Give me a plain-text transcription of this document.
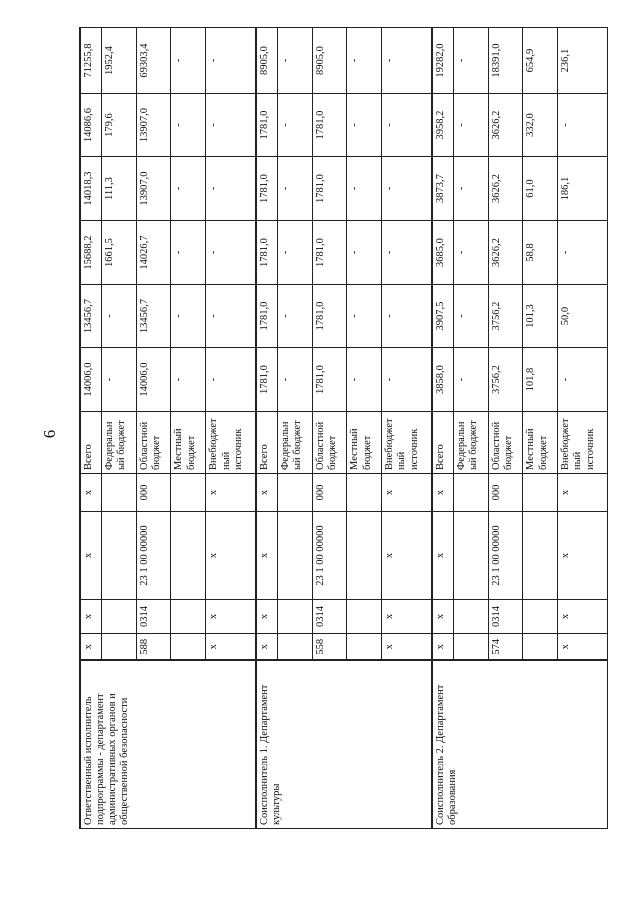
6
Ответственный исполнитель подпрограммы - департамент административных органов и общественной безопасности	х	х	х	х	Всего	14006,0	13456,7	15688,2	14018,3	14086,6	71255,8
					Федеральный бюджет	-	-	1661,5	111,3	179,6	1952,4
	588	0314	23 1 00 00000	000	Областной бюджет	14006,0	13456,7	14026,7	13907,0	13907,0	69303,4
					Местный бюджет	-	-	-	-	-	-
	х	х	х	х	Внебюджетный источник	-	-	-	-	-	-
Соисполнитель 1. Департамент культуры	х	х	х	х	Всего	1781,0	1781,0	1781,0	1781,0	1781,0	8905,0
					Федеральный бюджет	-	-	-	-	-	-
	558	0314	23 1 00 00000	000	Областной бюджет	1781,0	1781,0	1781,0	1781,0	1781,0	8905,0
					Местный бюджет	-	-	-	-	-	-
	х	х	х	х	Внебюджетный источник	-	-	-	-	-	-
Соисполнитель 2. Департамент образования	х	х	х	х	Всего	3858,0	3907,5	3685,0	3873,7	3958,2	19282,0
					Федеральный бюджет	-	-	-	-	-	-
	574	0314	23 1 00 00000	000	Областной бюджет	3756,2	3756,2	3626,2	3626,2	3626,2	18391,0
					Местный бюджет	101,8	101,3	58,8	61,0	332,0	654,9
	х	х	х	х	Внебюджетный источник	-	50,0	-	186,1	-	236,1
